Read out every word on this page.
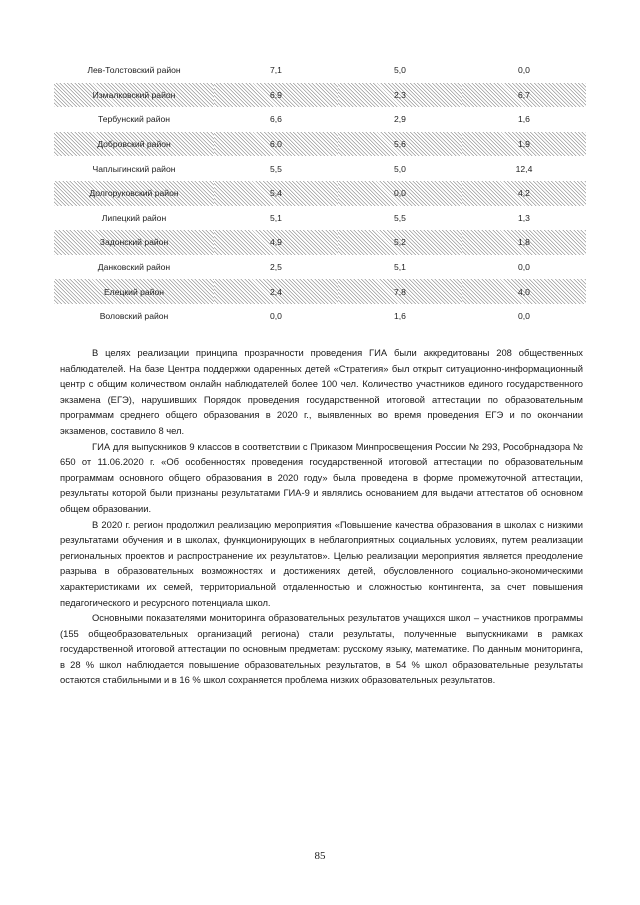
Лев-Толстовский район	7,1	5,0	0,0
Измалковский район	6,9	2,3	6,7
Тербунский район	6,6	2,9	1,6
Добровский район	6,0	5,6	1,9
Чаплыгинский район	5,5	5,0	12,4
Долгоруковский район	5,4	0,0	4,2
Липецкий район	5,1	5,5	1,3
Задонский район	4,9	5,2	1,8
Данковский район	2,5	5,1	0,0
Елецкий район	2,4	7,8	4,0
Воловский район	0,0	1,6	0,0

В целях реализации принципа прозрачности проведения ГИА были аккредитованы 208 общественных наблюдателей. На базе Центра поддержки одаренных детей «Стратегия» был открыт ситуационно-информационный центр с общим количеством онлайн наблюдателей более 100 чел. Количество участников единого государственного экзамена (ЕГЭ), нарушивших Порядок проведения государственной итоговой аттестации по образовательным программам среднего общего образования в 2020 г., выявленных во время проведения ЕГЭ и по окончании экзаменов, составило 8 чел.

ГИА для выпускников 9 классов в соответствии с Приказом Минпросвещения России № 293, Рособрнадзора № 650 от 11.06.2020 г. «Об особенностях проведения государственной итоговой аттестации по образовательным программам основного общего образования в 2020 году» была проведена в форме промежуточной аттестации, результаты которой были признаны результатами ГИА-9 и являлись основанием для выдачи аттестатов об основном общем образовании.

В 2020 г. регион продолжил реализацию мероприятия «Повышение качества образования в школах с низкими результатами обучения и в школах, функционирующих в неблагоприятных социальных условиях, путем реализации региональных проектов и распространение их результатов». Целью реализации мероприятия является преодоление разрыва в образовательных возможностях и достижениях детей, обусловленного социально-экономическими характеристиками их семей, территориальной отдаленностью и сложностью контингента, за счет повышения педагогического и ресурсного потенциала школ.

Основными показателями мониторинга образовательных результатов учащихся школ – участников программы (155 общеобразовательных организаций региона) стали результаты, полученные выпускниками в рамках государственной итоговой аттестации по основным предметам: русскому языку, математике. По данным мониторинга, в 28 % школ наблюдается повышение образовательных результатов, в 54 % школ образовательные результаты остаются стабильными и в 16 % школ сохраняется проблема низких образовательных результатов.

85
